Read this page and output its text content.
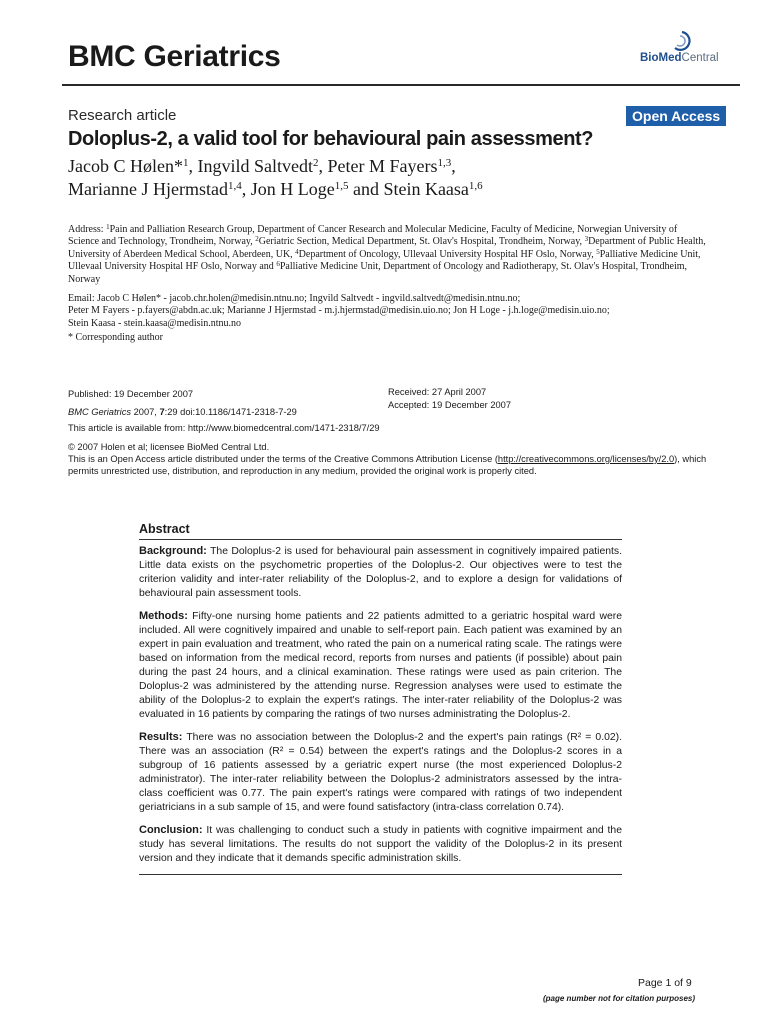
BMC Geriatrics	BioMedCentral
Research article	Open Access
Doloplus-2, a valid tool for behavioural pain assessment?
Jacob C Hølen*$^1$, Ingvild Saltvedt$^2$, Peter M Fayers$^{1,3}$,
Marianne J Hjermstad$^{1,4}$, Jon H Loge$^{1,5}$ and Stein Kaasa$^{1,6}$
Address: $^1$Pain and Palliation Research Group, Department of Cancer Research and Molecular Medicine, Faculty of Medicine, Norwegian University of Science and Technology, Trondheim, Norway, $^2$Geriatric Section, Medical Department, St. Olav's Hospital, Trondheim, Norway, $^3$Department of Public Health, University of Aberdeen Medical School, Aberdeen, UK, $^4$Department of Oncology, Ullevaal University Hospital HF Oslo, Norway, $^5$Palliative Medicine Unit, Ullevaal University Hospital HF Oslo, Norway and $^6$Palliative Medicine Unit, Department of Oncology and Radiotherapy, St. Olav's Hospital, Trondheim, Norway
Email: Jacob C Hølen* - jacob.chr.holen@medisin.ntnu.no; Ingvild Saltvedt - ingvild.saltvedt@medisin.ntnu.no;
Peter M Fayers - p.fayers@abdn.ac.uk; Marianne J Hjermstad - m.j.hjermstad@medisin.uio.no; Jon H Loge - j.h.loge@medisin.uio.no;
Stein Kaasa - stein.kaasa@medisin.ntnu.no
* Corresponding author
Published: 19 December 2007	Received: 27 April 2007
Accepted: 19 December 2007
BMC Geriatrics 2007, 7:29 doi:10.1186/1471-2318-7-29
This article is available from: http://www.biomedcentral.com/1471-2318/7/29
© 2007 Holen et al; licensee BioMed Central Ltd.
This is an Open Access article distributed under the terms of the Creative Commons Attribution License (http://creativecommons.org/licenses/by/2.0), which permits unrestricted use, distribution, and reproduction in any medium, provided the original work is properly cited.
Abstract
Background: The Doloplus-2 is used for behavioural pain assessment in cognitively impaired patients. Little data exists on the psychometric properties of the Doloplus-2. Our objectives were to test the criterion validity and inter-rater reliability of the Doloplus-2, and to explore a design for validations of behavioural pain assessment tools.
Methods: Fifty-one nursing home patients and 22 patients admitted to a geriatric hospital ward were included. All were cognitively impaired and unable to self-report pain. Each patient was examined by an expert in pain evaluation and treatment, who rated the pain on a numerical rating scale. The ratings were based on information from the medical record, reports from nurses and patients (if possible) about pain during the past 24 hours, and a clinical examination. These ratings were used as pain criterion. The Doloplus-2 was administered by the attending nurse. Regression analyses were used to estimate the ability of the Doloplus-2 to explain the expert's ratings. The inter-rater reliability of the Doloplus-2 was evaluated in 16 patients by comparing the ratings of two nurses administrating the Doloplus-2.
Results: There was no association between the Doloplus-2 and the expert's pain ratings (R² = 0.02). There was an association (R² = 0.54) between the expert's ratings and the Doloplus-2 scores in a subgroup of 16 patients assessed by a geriatric expert nurse (the most experienced Doloplus-2 administrator). The inter-rater reliability between the Doloplus-2 administrators assessed by the intra-class coefficient was 0.77. The pain expert's ratings were compared with ratings of two independent geriatricians in a sub sample of 15, and were found satisfactory (intra-class correlation 0.74).
Conclusion: It was challenging to conduct such a study in patients with cognitive impairment and the study has several limitations. The results do not support the validity of the Doloplus-2 in its present version and they indicate that it demands specific administration skills.
Page 1 of 9
(page number not for citation purposes)
